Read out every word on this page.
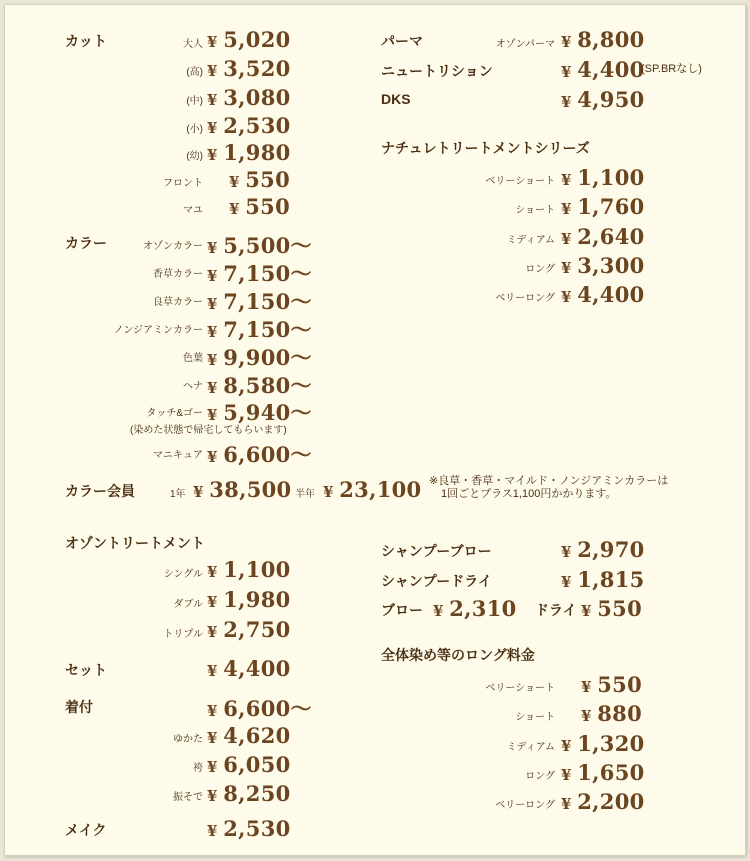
カット	大人 ¥ 5,020
(高) ¥ 3,520
(中) ¥ 3,080
(小) ¥ 2,530
(幼) ¥ 1,980
フロント ¥ 550
マユ ¥ 550
カラー	オゾンカラー ¥ 5,500〜
香草カラー ¥ 7,150〜
良草カラー ¥ 7,150〜
ノンジアミンカラー ¥ 7,150〜
色葉 ¥ 9,900〜
ヘナ ¥ 8,580〜
タッチ&ゴー ¥ 5,940〜
(染めた状態で帰宅してもらいます)
マニキュア ¥ 6,600〜
カラー会員	1年 ¥ 38,500 半年 ¥ 23,100 ※良草・香草・マイルド・ノンジアミンカラーは
1回ごとプラス1,100円かかります。
パーマ	オゾンパーマ ¥ 8,800
ニュートリション	¥ 4,400
(SP.BRなし)
DKS	¥ 4,950
ナチュレトリートメントシリーズ
ベリーショート ¥ 1,100
ショート ¥ 1,760
ミディアム ¥ 2,640
ロング ¥ 3,300
ベリーロング ¥ 4,400
オゾントリートメント
シングル ¥ 1,100
ダブル ¥ 1,980
トリプル ¥ 2,750
セット	¥ 4,400
着付	¥ 6,600〜
ゆかた ¥ 4,620
袴 ¥ 6,050
振そで ¥ 8,250
メイク	¥ 2,530
シャンプーブロー	¥ 2,970
シャンプードライ	¥ 1,815
ブロー ¥ 2,310 ドライ ¥ 550
全体染め等のロング料金
ベリーショート ¥ 550
ショート ¥ 880
ミディアム ¥ 1,320
ロング ¥ 1,650
ベリーロング ¥ 2,200
